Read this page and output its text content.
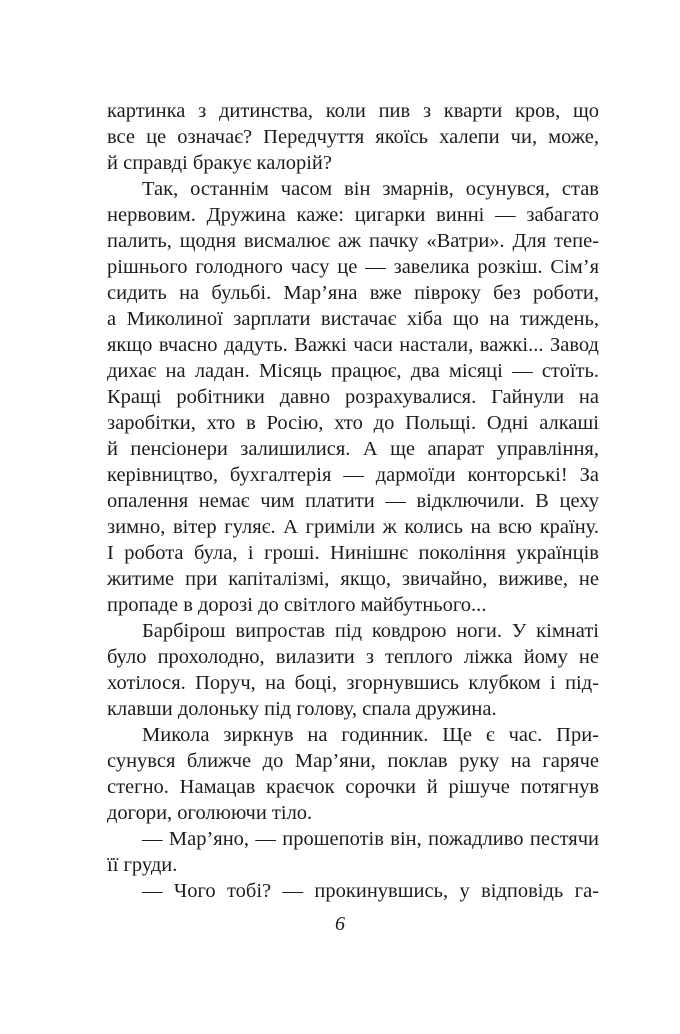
картинка з дитинства, коли пив з кварти кров, що
все це означає? Передчуття якоїсь халепи чи, може,
й справді бракує калорій?
Так, останнім часом він змарнів, осунувся, став
нервовим. Дружина каже: цигарки винні — забагато
палить, щодня висмалює аж пачку «Ватри». Для тепе-
рішнього голодного часу це — завелика розкіш. Сім’я
сидить на бульбі. Мар’яна вже півроку без роботи,
а Миколиної зарплати вистачає хіба що на тиждень,
якщо вчасно дадуть. Важкі часи настали, важкі... Завод
дихає на ладан. Місяць працює, два місяці — стоїть.
Кращі робітники давно розрахувалися. Гайнули на
заробітки, хто в Росію, хто до Польщі. Одні алкаші
й пенсіонери залишилися. А ще апарат управління,
керівництво, бухгалтерія — дармоїди конторські! За
опалення немає чим платити — відключили. В цеху
зимно, вітер гуляє. А гриміли ж колись на всю країну.
І робота була, і гроші. Нинішнє покоління українців
житиме при капіталізмі, якщо, звичайно, виживе, не
пропаде в дорозі до світлого майбутнього...
Барбірош випростав під ковдрою ноги. У кімнаті
було прохолодно, вилазити з теплого ліжка йому не
хотілося. Поруч, на боці, згорнувшись клубком і під-
клавши долоньку під голову, спала дружина.
Микола зиркнув на годинник. Ще є час. При-
сунувся ближче до Мар’яни, поклав руку на гаряче
стегно. Намацав краєчок сорочки й рішуче потягнув
догори, оголюючи тіло.
— Мар’яно, — прошепотів він, пожадливо пестячи
її груди.
— Чого тобі? — прокинувшись, у відповідь га-
6
